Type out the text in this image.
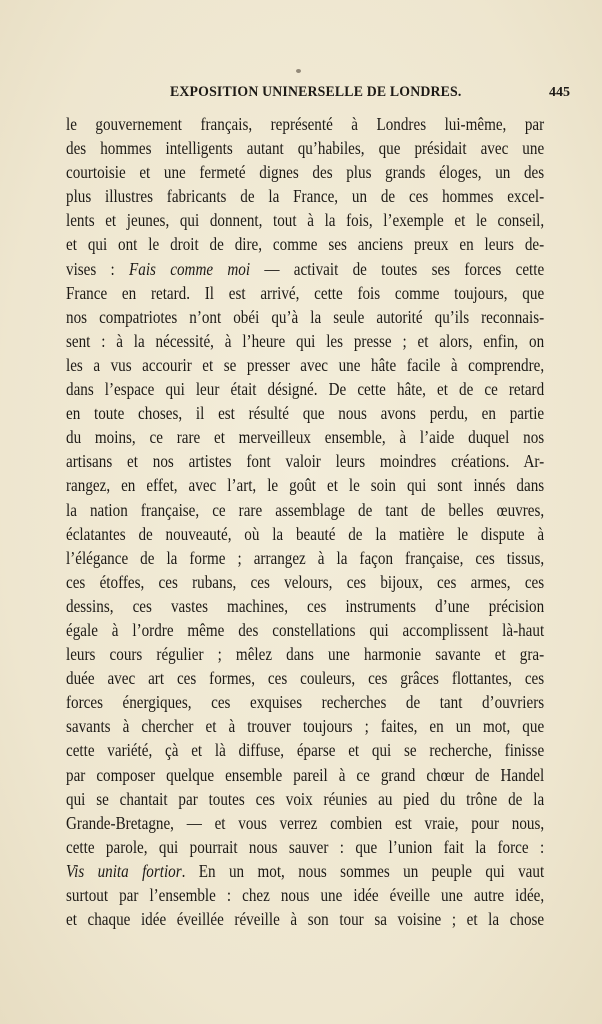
EXPOSITION UNINERSELLE DE LONDRES.	445
le gouvernement français, représenté à Londres lui-même, par
des hommes intelligents autant qu’habiles, que présidait avec une
courtoisie et une fermeté dignes des plus grands éloges, un des
plus illustres fabricants de la France, un de ces hommes excel-
lents et jeunes, qui donnent, tout à la fois, l’exemple et le conseil,
et qui ont le droit de dire, comme ses anciens preux en leurs de-
vises : Fais comme moi — activait de toutes ses forces cette
France en retard. Il est arrivé, cette fois comme toujours, que
nos compatriotes n’ont obéi qu’à la seule autorité qu’ils reconnais-
sent : à la nécessité, à l’heure qui les presse ; et alors, enfin, on
les a vus accourir et se presser avec une hâte facile à comprendre,
dans l’espace qui leur était désigné. De cette hâte, et de ce retard
en toute choses, il est résulté que nous avons perdu, en partie
du moins, ce rare et merveilleux ensemble, à l’aide duquel nos
artisans et nos artistes font valoir leurs moindres créations. Ar-
rangez, en effet, avec l’art, le goût et le soin qui sont innés dans
la nation française, ce rare assemblage de tant de belles œuvres,
éclatantes de nouveauté, où la beauté de la matière le dispute à
l’élégance de la forme ; arrangez à la façon française, ces tissus,
ces étoffes, ces rubans, ces velours, ces bijoux, ces armes, ces
dessins, ces vastes machines, ces instruments d’une précision
égale à l’ordre même des constellations qui accomplissent là-haut
leurs cours régulier ; mêlez dans une harmonie savante et gra-
duée avec art ces formes, ces couleurs, ces grâces flottantes, ces
forces énergiques, ces exquises recherches de tant d’ouvriers
savants à chercher et à trouver toujours ; faites, en un mot, que
cette variété, çà et là diffuse, éparse et qui se recherche, finisse
par composer quelque ensemble pareil à ce grand chœur de Handel
qui se chantait par toutes ces voix réunies au pied du trône de la
Grande-Bretagne, — et vous verrez combien est vraie, pour nous,
cette parole, qui pourrait nous sauver : que l’union fait la force :
Vis unita fortior. En un mot, nous sommes un peuple qui vaut
surtout par l’ensemble : chez nous une idée éveille une autre idée,
et chaque idée éveillée réveille à son tour sa voisine ; et la chose
